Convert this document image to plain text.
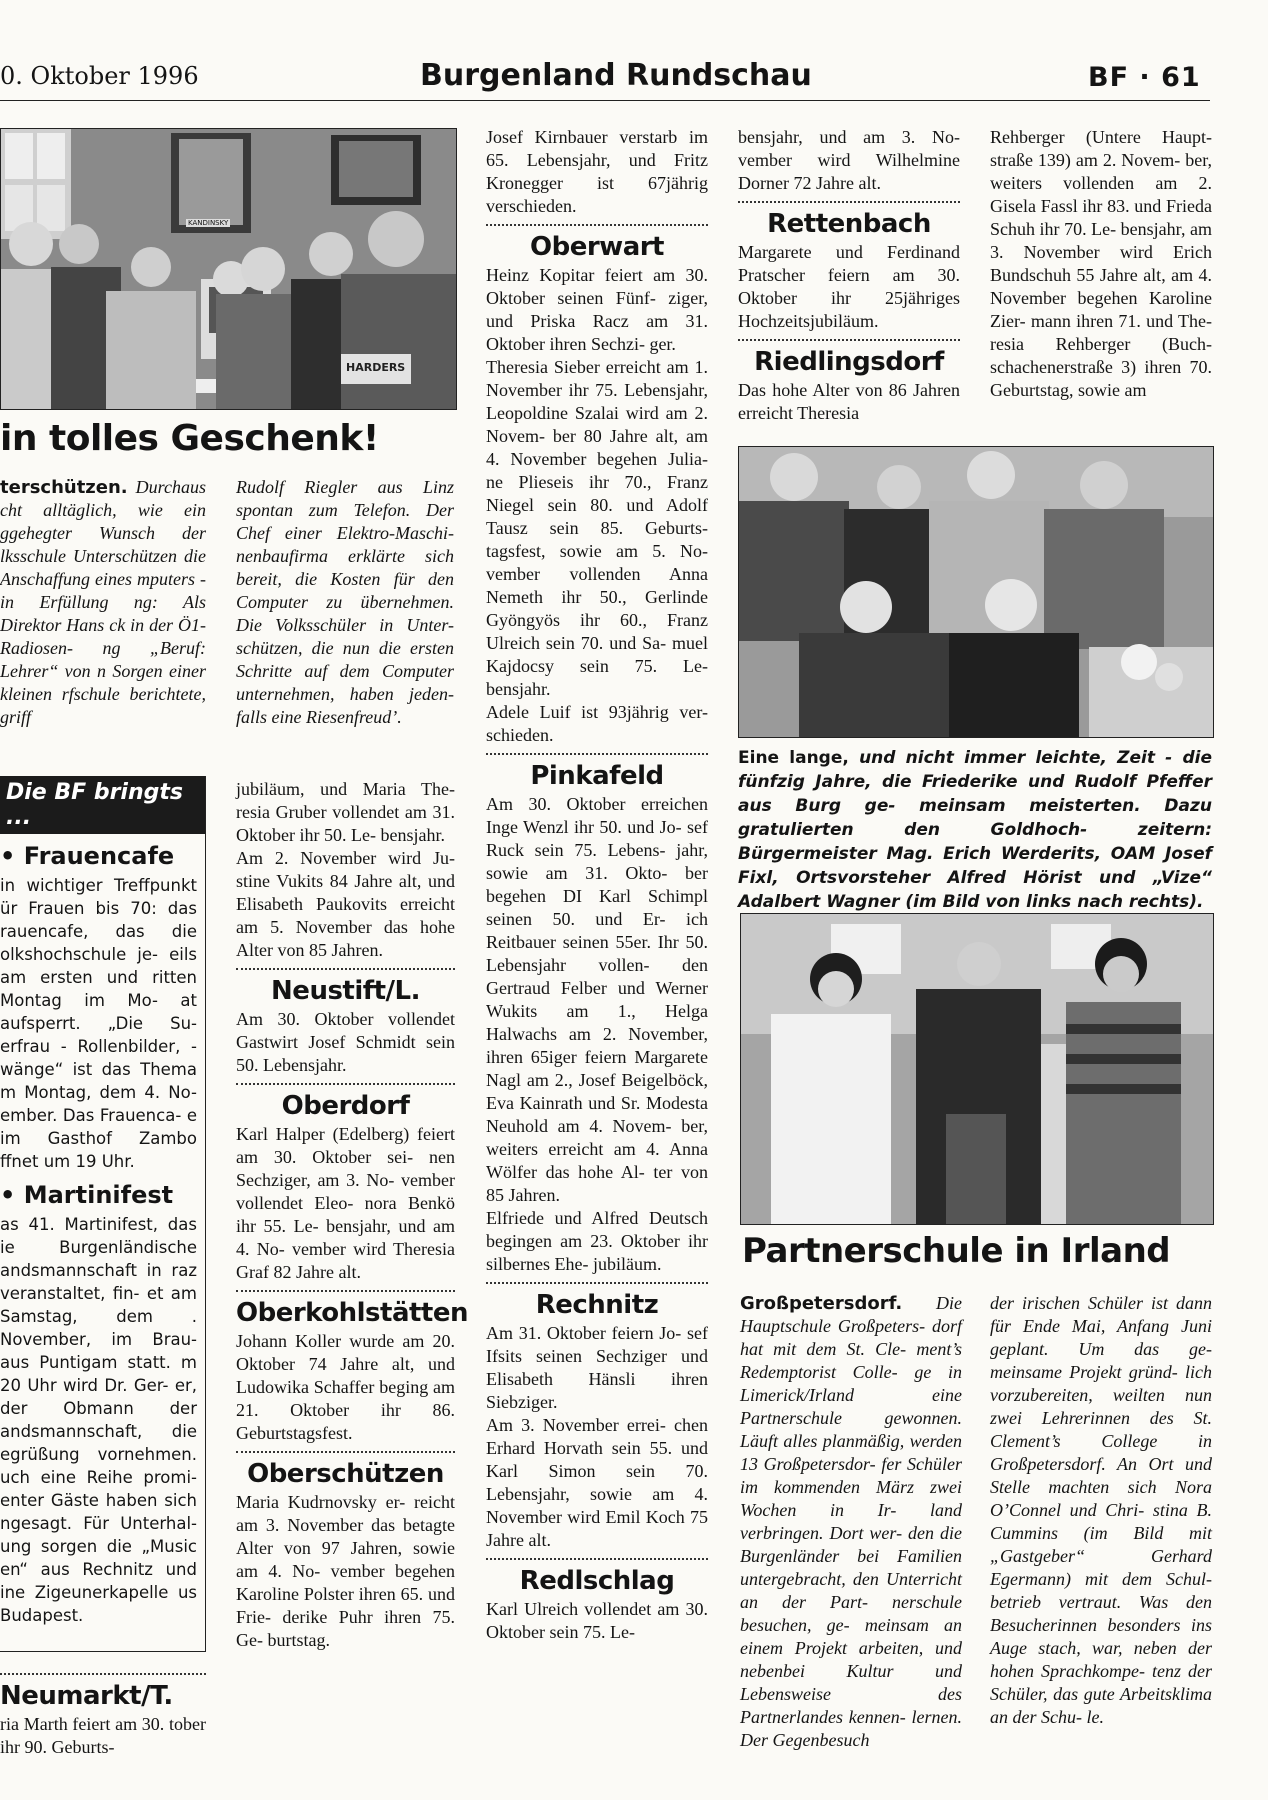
0. Oktober 1996	Burgenland Rundschau	BF · 61
KANDINSKY
HARDERS
in tolles Geschenk!
terschützen. Durchaus cht alltäglich, wie ein ggehegter Wunsch der lksschule Unterschützen die Anschaffung eines mputers - in Erfüllung ng: Als Direktor Hans ck in der Ö1-Radiosen- ng „Beruf: Lehrer“ von n Sorgen einer kleinen rfschule berichtete, griff
Rudolf Riegler aus Linz spontan zum Telefon. Der Chef einer Elektro-Maschi- nenbaufirma erklärte sich bereit, die Kosten für den Computer zu übernehmen. Die Volksschüler in Unter- schützen, die nun die ersten Schritte auf dem Computer unternehmen, haben jeden- falls eine Riesenfreud’.
Die BF bringts ...
• Frauencafe
in wichtiger Treffpunkt ür Frauen bis 70: das rauencafe, das die olkshochschule je- eils am ersten und ritten Montag im Mo- at aufsperrt. „Die Su- erfrau - Rollenbilder, - wänge“ ist das Thema m Montag, dem 4. No- ember. Das Frauenca- e im Gasthof Zambo ffnet um 19 Uhr.
• Martinifest
as 41. Martinifest, das ie Burgenländische andsmannschaft in raz veranstaltet, fin- et am Samstag, dem . November, im Brau- aus Puntigam statt. m 20 Uhr wird Dr. Ger- er, der Obmann der andsmannschaft, die egrüßung vornehmen. uch eine Reihe promi- enter Gäste haben sich ngesagt. Für Unterhal- ung sorgen die „Music en“ aus Rechnitz und ine Zigeunerkapelle us Budapest.
Neumarkt/T.
ria Marth feiert am 30. tober ihr 90. Geburts-

jubiläum, und Maria The- resia Gruber vollendet am 31. Oktober ihr 50. Le- bensjahr.

Am 2. November wird Ju- stine Vukits 84 Jahre alt, und Elisabeth Paukovits erreicht am 5. November das hohe Alter von 85 Jahren.

Neustift/L.

Am 30. Oktober vollendet Gastwirt Josef Schmidt sein 50. Lebensjahr.

Oberdorf

Karl Halper (Edelberg) feiert am 30. Oktober sei- nen Sechziger, am 3. No- vember vollendet Eleo- nora Benkö ihr 55. Le- bensjahr, und am 4. No- vember wird Theresia Graf 82 Jahre alt.

Oberkohlstätten

Johann Koller wurde am 20. Oktober 74 Jahre alt, und Ludowika Schaffer beging am 21. Oktober ihr 86. Geburtstagsfest.

Oberschützen

Maria Kudrnovsky er- reicht am 3. November das betagte Alter von 97 Jahren, sowie am 4. No- vember begehen Karoline Polster ihren 65. und Frie- derike Puhr ihren 75. Ge- burtstag.

Josef Kirnbauer verstarb im 65. Lebensjahr, und Fritz Kronegger ist 67jährig verschieden.

Oberwart

Heinz Kopitar feiert am 30. Oktober seinen Fünf- ziger, und Priska Racz am 31. Oktober ihren Sechzi- ger.

Theresia Sieber erreicht am 1. November ihr 75. Lebensjahr, Leopoldine Szalai wird am 2. Novem- ber 80 Jahre alt, am 4. November begehen Julia- ne Plieseis ihr 70., Franz Niegel sein 80. und Adolf Tausz sein 85. Geburts- tagsfest, sowie am 5. No- vember vollenden Anna Nemeth ihr 50., Gerlinde Gyöngyös ihr 60., Franz Ulreich sein 70. und Sa- muel Kajdocsy sein 75. Le- bensjahr.

Adele Luif ist 93jährig ver- schieden.

Pinkafeld

Am 30. Oktober erreichen Inge Wenzl ihr 50. und Jo- sef Ruck sein 75. Lebens- jahr, sowie am 31. Okto- ber begehen DI Karl Schimpl seinen 50. und Er- ich Reitbauer seinen 55er. Ihr 50. Lebensjahr vollen- den Gertraud Felber und Werner Wukits am 1., Helga Halwachs am 2. November, ihren 65iger feiern Margarete Nagl am 2., Josef Beigelböck, Eva Kainrath und Sr. Modesta Neuhold am 4. Novem- ber, weiters erreicht am 4. Anna Wölfer das hohe Al- ter von 85 Jahren.

Elfriede und Alfred Deutsch begingen am 23. Oktober ihr silbernes Ehe- jubiläum.

Rechnitz

Am 31. Oktober feiern Jo- sef Ifsits seinen Sechziger und Elisabeth Hänsli ihren Siebziger.

Am 3. November errei- chen Erhard Horvath sein 55. und Karl Simon sein 70. Lebensjahr, sowie am 4. November wird Emil Koch 75 Jahre alt.

Redlschlag

Karl Ulreich vollendet am 30. Oktober sein 75. Le-

bensjahr, und am 3. No- vember wird Wilhelmine Dorner 72 Jahre alt.

Rettenbach

Margarete und Ferdinand Pratscher feiern am 30. Oktober ihr 25jähriges Hochzeitsjubiläum.

Riedlingsdorf

Das hohe Alter von 86 Jahren erreicht Theresia

Rehberger (Untere Haupt- straße 139) am 2. Novem- ber, weiters vollenden am 2. Gisela Fassl ihr 83. und Frieda Schuh ihr 70. Le- bensjahr, am 3. November wird Erich Bundschuh 55 Jahre alt, am 4. November begehen Karoline Zier- mann ihren 71. und The- resia Rehberger (Buch- schachenerstraße 3) ihren 70. Geburtstag, sowie am
Eine lange, und nicht immer leichte, Zeit - die fünfzig Jahre, die Friederike und Rudolf Pfeffer aus Burg ge- meinsam meisterten. Dazu gratulierten den Goldhoch- zeitern: Bürgermeister Mag. Erich Werderits, OAM Josef Fixl, Ortsvorsteher Alfred Hörist und „Vize“ Adalbert Wagner (im Bild von links nach rechts).
Partnerschule in Irland
Großpetersdorf. Die Hauptschule Großpeters- dorf hat mit dem St. Cle- ment’s Redemptorist Colle- ge in Limerick/Irland eine Partnerschule gewonnen. Läuft alles planmäßig, werden 13 Großpetersdor- fer Schüler im kommenden März zwei Wochen in Ir- land verbringen. Dort wer- den die Burgenländer bei Familien untergebracht, den Unterricht an der Part- nerschule besuchen, ge- meinsam an einem Projekt arbeiten, und nebenbei Kultur und Lebensweise des Partnerlandes kennen- lernen. Der Gegenbesuch
der irischen Schüler ist dann für Ende Mai, Anfang Juni geplant. Um das ge- meinsame Projekt gründ- lich vorzubereiten, weilten nun zwei Lehrerinnen des St. Clement’s College in Großpetersdorf. An Ort und Stelle machten sich Nora O’Connel und Chri- stina B. Cummins (im Bild mit „Gastgeber“ Gerhard Egermann) mit dem Schul- betrieb vertraut. Was den Besucherinnen besonders ins Auge stach, war, neben der hohen Sprachkompe- tenz der Schüler, das gute Arbeitsklima an der Schu- le.
